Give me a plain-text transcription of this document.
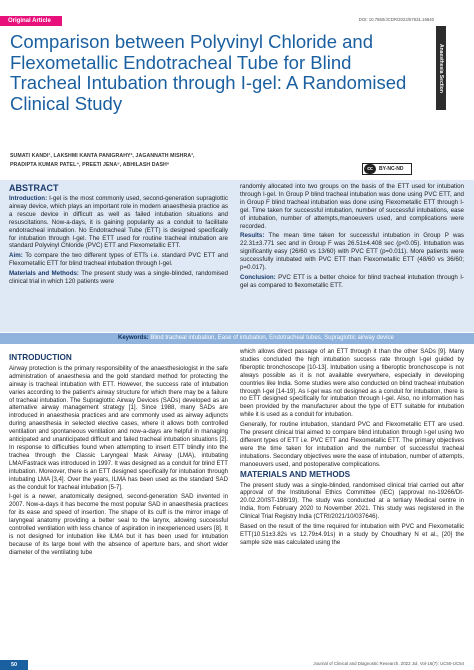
Original Article	DOI: 10.7860/JCDR/2022/57831.16840
Anaesthesia Section
Comparison between Polyvinyl Chloride and Flexometallic Endotracheal Tube for Blind Tracheal Intubation through I-gel: A Randomised Clinical Study
SUMATI KANDI¹, LAKSHMI KANTA PANIGRAHY², JAGANNATH MISHRA³,
PRADIPTA KUMAR PATEL⁴, PREETI JENA⁵, ABHILASH DASH⁶
cc	BY-NC-ND
ABSTRACT

Introduction: I-gel is the most commonly used, second-generation supraglottic airway device, which plays an important role in modern anaesthesia practice as a rescue device in difficult as well as failed intubation situations and resuscitations. Now-a-days, it is gaining popularity as a conduit to facilitate endotracheal intubation. No Endotracheal Tube (ETT) is designed specifically for intubation through I-gel. The ETT used for routine tracheal intubation are standard Polyvinyl Chloride (PVC) ETT and Flexometallic ETT.

Aim: To compare the two different types of ETTs i.e. standard PVC ETT and Flexometallic ETT for blind tracheal intubation through I-gel.

Materials and Methods: The present study was a single-blinded, randomised clinical trial in which 120 patients were

randomly allocated into two groups on the basis of the ETT used for intubation through I-gel. In Group P blind tracheal intubation was done using PVC ETT, and in Group F blind tracheal intubation was done using Flexometallic ETT through I-gel. Time taken for successful intubation, number of successful intubations, ease of intubation, number of attempts,manoeuvers used, and complications were recorded.

Results: The mean time taken for successful intubation in Group P was 22.31±3.771 sec and in Group F was 26.51±4.408 sec (p<0.05). Intubation was significantly easy (26/60 vs 13/60) with PVC ETT (p=0.011). More patients were successfully intubated with PVC ETT than Flexometallic ETT (48/60 vs 36/60; p=0.017).

Conclusion: PVC ETT is a better choice for blind tracheal intubation through I-gel as compared to flexometallic ETT.

Keywords: Blind tracheal intubation, Ease of intubation, Endotracheal tubes, Supraglottic airway device
INTRODUCTION

Airway protection is the primary responsibility of the anaesthesiologist in the safe administration of anaesthesia and the gold standard method for protecting the airway is tracheal intubation with ETT. However, the success rate of intubation varies according to the patient's airway structure for which there may be a failure of tracheal intubation. The Supraglottic Airway Devices (SADs) developed as an alternative airway management strategy [1]. Since 1988, many SADs are introduced in anaesthesia practices and are commonly used as airway adjuncts during anaesthesia in selected elective cases, where it allows both controlled ventilation and spontaneous ventilation and now-a-days are helpful in managing anticipated and unanticipated difficult and failed tracheal intubation situations [2]. In response to difficulties found when attempting to insert ETT blindly into the trachea through the Classic Laryngeal Mask Airway (LMA), intubating LMA/Fastrack was introduced in 1997. It was designed as a conduit for blind ETT intubation. Moreover, there is an ETT designed specifically for intubation through intubating LMA [3,4]. Over the years, ILMA has been used as the standard SAD as the conduit for tracheal intubation [5-7].

I-gel is a newer, anatomically designed, second-generation SAD invented in 2007. Now-a-days it has become the most popular SAD in anaesthesia practices for its ease and speed of insertion. The shape of its cuff is the mirror image of laryngeal anatomy providing a better seal to the larynx, allowing successful controlled ventilation with less chance of aspiration in inexperienced users [8]. It is not designed for intubation like ILMA but it has been used for intubation because of its large bowl with the absence of aperture bars, and short wider diameter of the ventilating tube

which allows direct passage of an ETT through it than the other SADs [9]. Many studies concluded the high intubation success rate through I-gel guided by fiberoptic bronchoscope [10-13]. Intubation using a fiberoptic bronchoscope is not always possible as it is not available everywhere, especially in developing countries like India. Some studies were also conducted on blind tracheal intubation through I-gel [14-19]. As I-gel was not designed as a conduit for intubation, there is no ETT designed specifically for intubation through I-gel. Also, no information has been provided by the manufacturer about the type of ETT suitable for intubation while it is used as a conduit for intubation.

Generally, for routine intubation, standard PVC and Flexometallic ETT are used. The present clinical trial aimed to compare blind intubation through I-gel using two different types of ETT i.e. PVC ETT and Flexometallic ETT. The primary objectives were the time taken for intubation and the number of successful tracheal intubations. Secondary objectives were the ease of intubation, number of attempts, manoeuvers used, and postoperative complications.

MATERIALS AND METHODS

The present study was a single-blinded, randomised clinical trial carried out after approval of the Institutional Ethics Committee (IEC) (approval no-19266/Dt-20.02.20/IST-198/19). The study was conducted at a tertiary Medical centre in India, from February 2020 to November 2021. This study was registered in the Clinical Trial Registry India (CTRI/2021/10/037646).

Based on the result of the time required for intubation with PVC and Flexometallic ETT(10.51±3.82s vs 12.79±4.91s) in a study by Choudhary N et al., [20] the sample size was calculated using the

50	Journal of Clinical and Diagnostic Research. 2022 Jul, Vol-16(7): UC50-UC54
